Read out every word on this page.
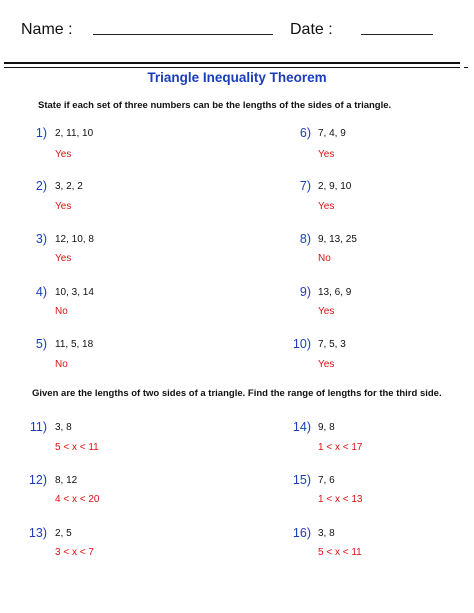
Name :	Date :
Triangle Inequality Theorem
State if each set of three numbers can be the lengths of the sides of a triangle.
1) 2, 11, 10
Yes
2) 3, 2, 2
Yes
3) 12, 10, 8
Yes
4) 10, 3, 14
No
5) 11, 5, 18
No
6) 7, 4, 9
Yes
7) 2, 9, 10
Yes
8) 9, 13, 25
No
9) 13, 6, 9
Yes
10) 7, 5, 3
Yes
Given are the lengths of two sides of a triangle. Find the range of lengths for the third side.
11) 3, 8
5 < x < 11
12) 8, 12
4 < x < 20
13) 2, 5
3 < x < 7
14) 9, 8
1 < x < 17
15) 7, 6
1 < x < 13
16) 3, 8
5 < x < 11
